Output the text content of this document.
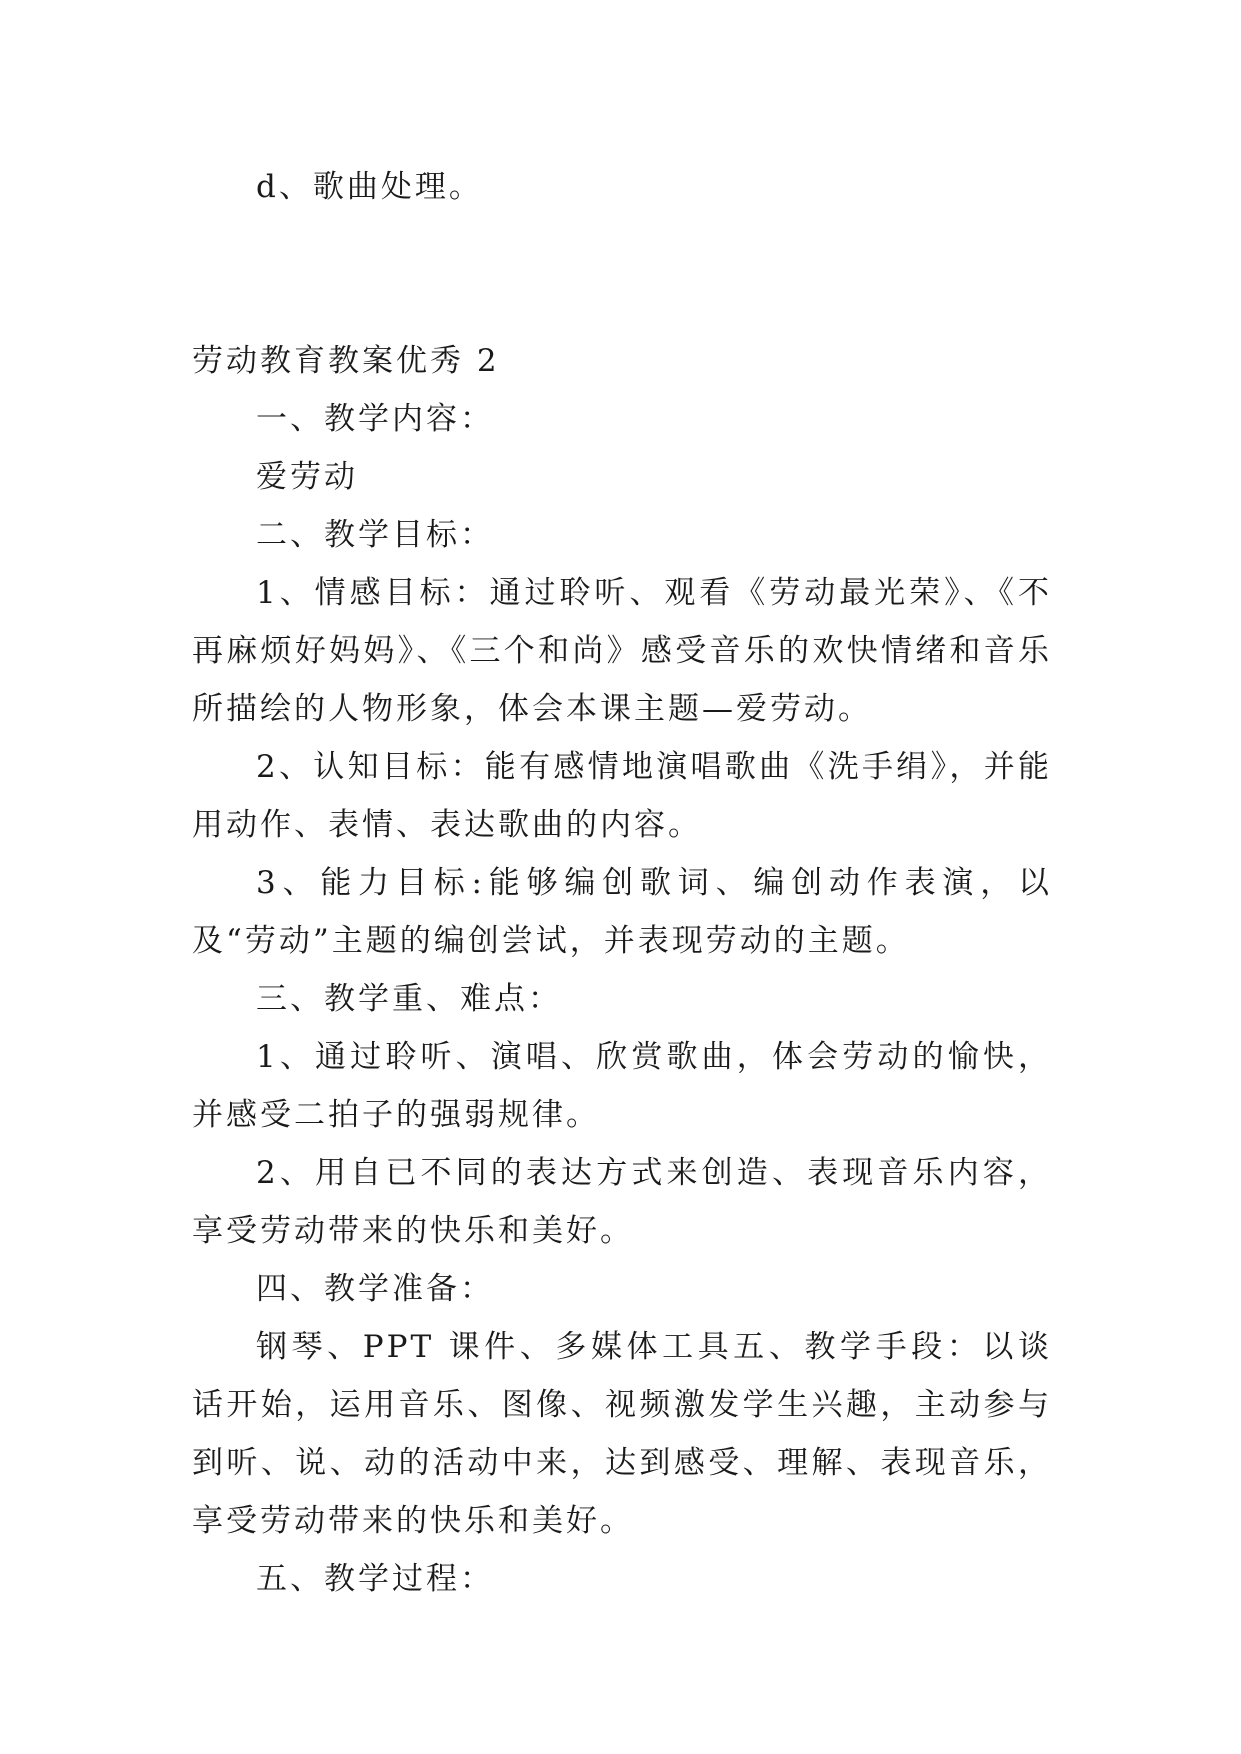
d、歌曲处理。

劳动教育教案优秀 2

一、教学内容：

爱劳动

二、教学目标：

1、情感目标：通过聆听、观看《劳动最光荣》、《不再麻烦好妈妈》、《三个和尚》感受音乐的欢快情绪和音乐所描绘的人物形象，体会本课主题—爱劳动。

2、认知目标：能有感情地演唱歌曲《洗手绢》，并能用动作、表情、表达歌曲的内容。

3、能力目标:能够编创歌词、编创动作表演，以及“劳动”主题的编创尝试，并表现劳动的主题。

三、教学重、难点：

1、通过聆听、演唱、欣赏歌曲，体会劳动的愉快，并感受二拍子的强弱规律。

2、用自已不同的表达方式来创造、表现音乐内容，享受劳动带来的快乐和美好。

四、教学准备：

钢琴、PPT 课件、多媒体工具五、教学手段：以谈话开始，运用音乐、图像、视频激发学生兴趣，主动参与到听、说、动的活动中来，达到感受、理解、表现音乐，享受劳动带来的快乐和美好。

五、教学过程：
